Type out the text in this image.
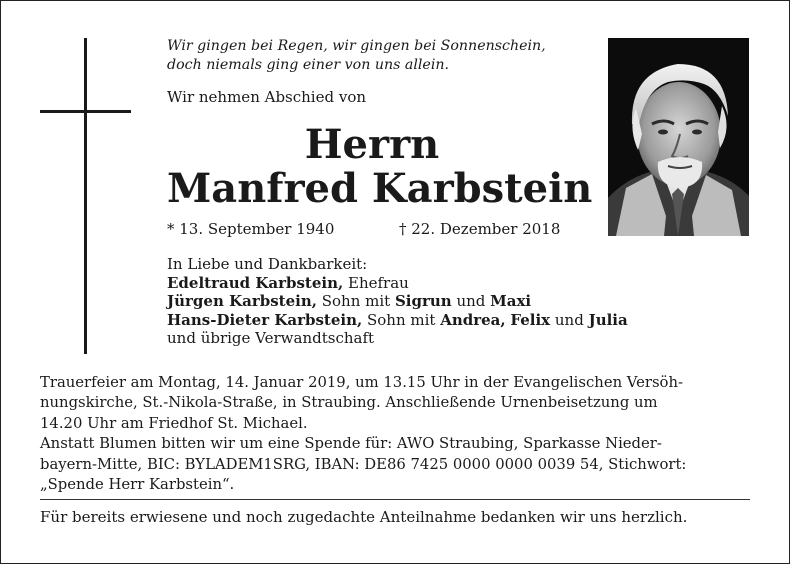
Wir gingen bei Regen, wir gingen bei Sonnenschein,
doch niemals ging einer von uns allein.
Wir nehmen Abschied von
Herrn
Manfred Karbstein
* 13. September 1940	† 22. Dezember 2018
In Liebe und Dankbarkeit:
Edeltraud Karbstein, Ehefrau
Jürgen Karbstein, Sohn mit Sigrun und Maxi
Hans-Dieter Karbstein, Sohn mit Andrea, Felix und Julia
und übrige Verwandtschaft
Trauerfeier am Montag, 14. Januar 2019, um 13.15 Uhr in der Evangelischen Versöh-
nungskirche, St.-Nikola-Straße, in Straubing. Anschließende Urnenbeisetzung um
14.20 Uhr am Friedhof St. Michael.
Anstatt Blumen bitten wir um eine Spende für: AWO Straubing, Sparkasse Nieder-
bayern-Mitte, BIC: BYLADEM1SRG, IBAN: DE86 7425 0000 0000 0039 54, Stichwort:
„Spende Herr Karbstein“.
Für bereits erwiesene und noch zugedachte Anteilnahme bedanken wir uns herzlich.
